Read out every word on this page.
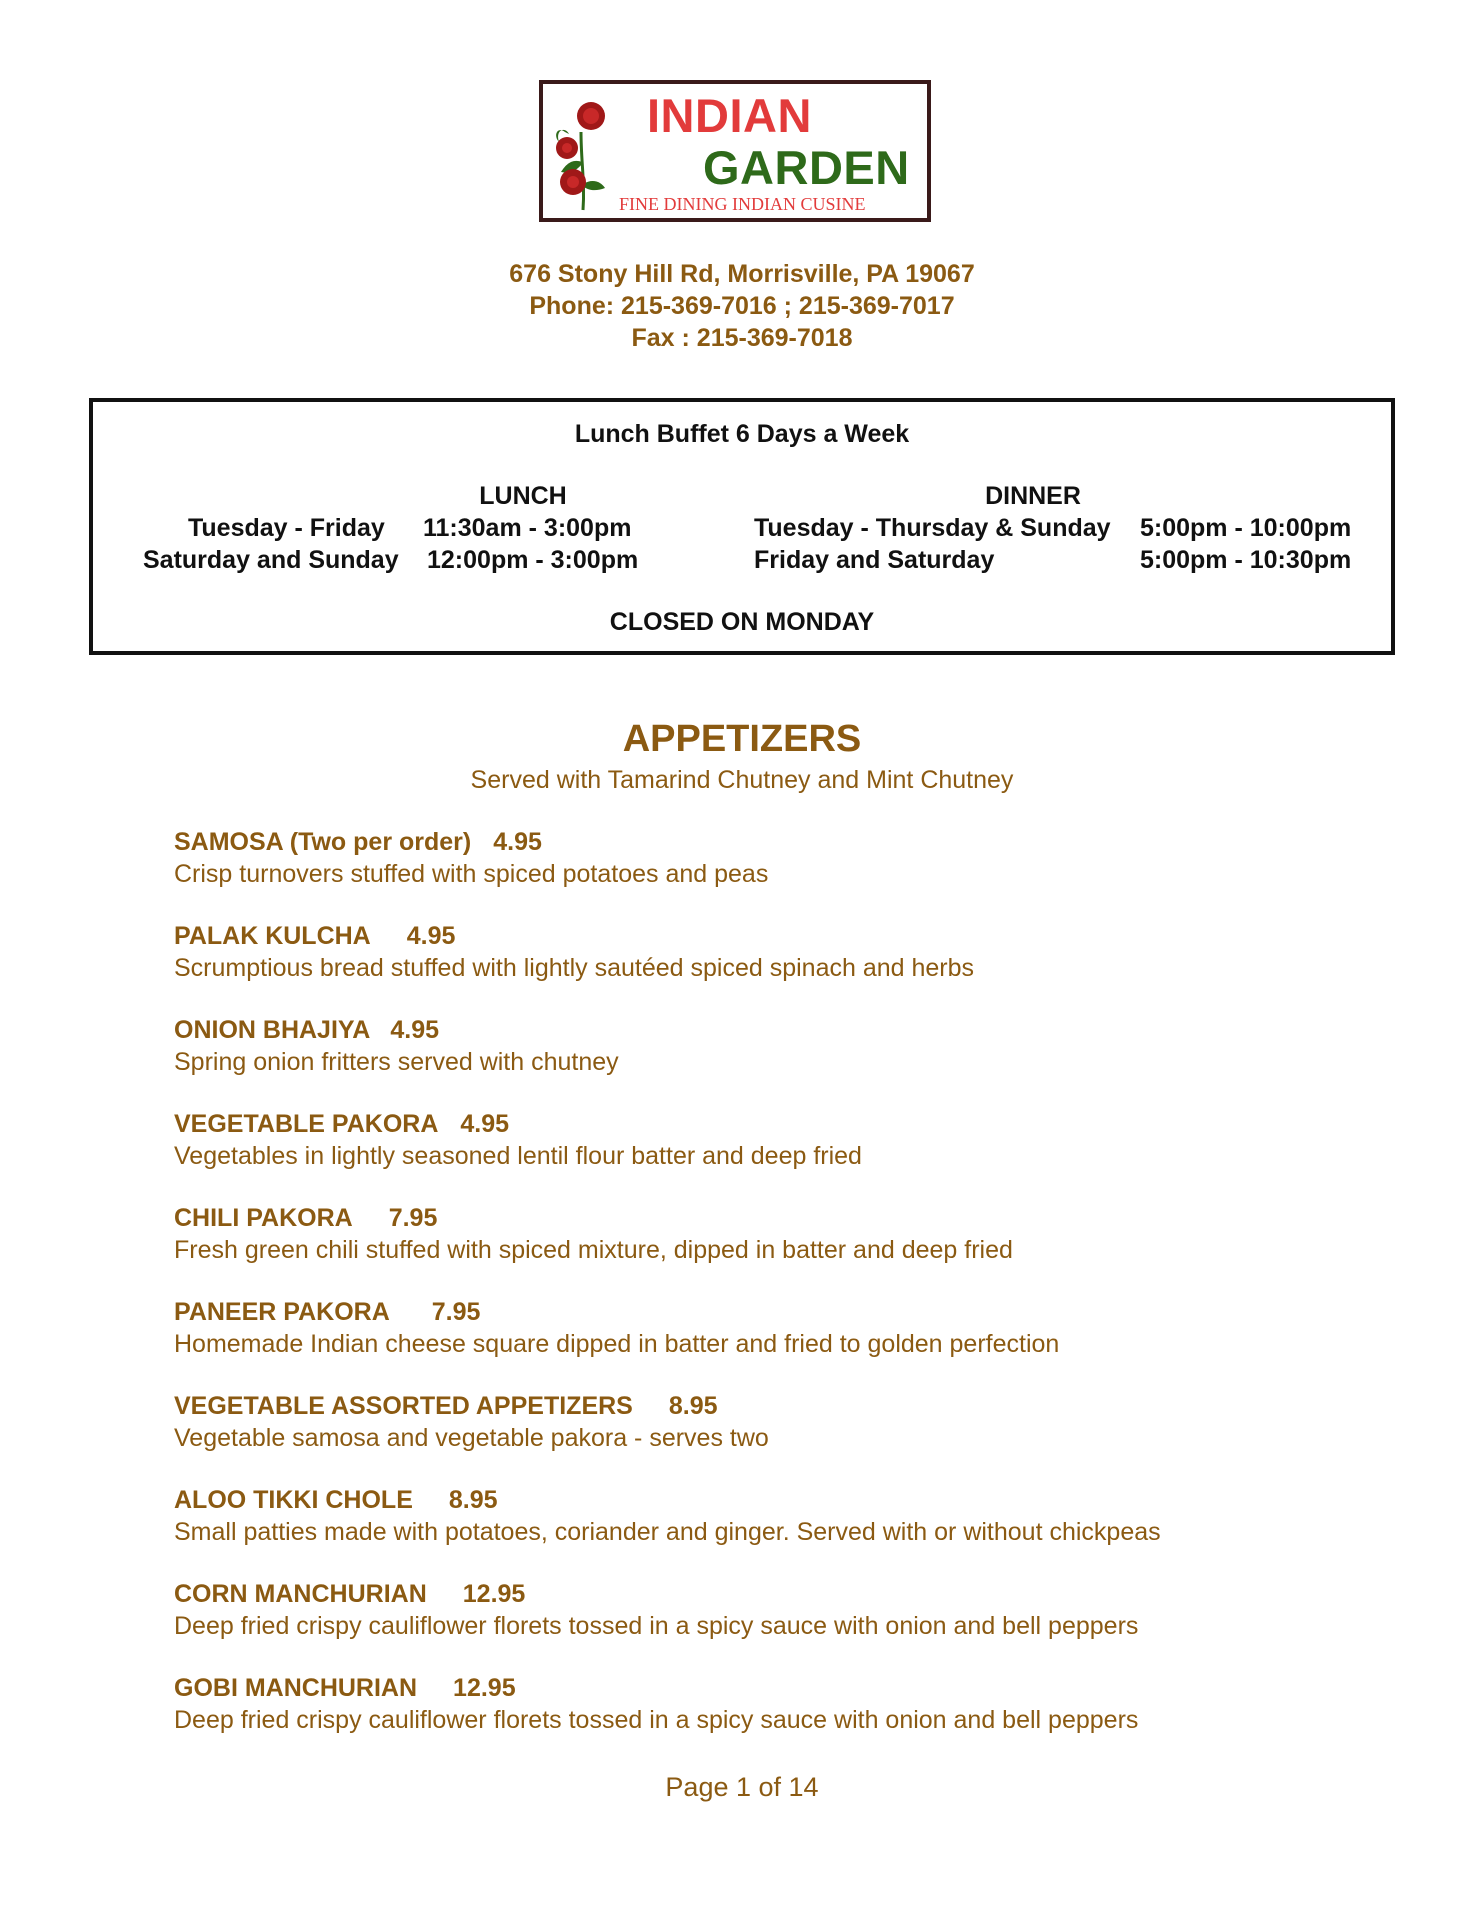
INDIAN
GARDEN
FINE DINING INDIAN CUSINE
676 Stony Hill Rd, Morrisville, PA 19067
Phone: 215-369-7016 ; 215-369-7017
Fax : 215-369-7018
Lunch Buffet 6 Days a Week
LUNCH	DINNER
Tuesday - Friday 11:30am - 3:00pm
Saturday and Sunday 12:00pm - 3:00pm
Tuesday - Thursday & Sunday 5:00pm - 10:00pm
Friday and Saturday	5:00pm - 10:30pm
CLOSED ON MONDAY
APPETIZERS
Served with Tamarind Chutney and Mint Chutney
SAMOSA (Two per order) 4.95
Crisp turnovers stuffed with spiced potatoes and peas
PALAK KULCHA 4.95
Scrumptious bread stuffed with lightly sautéed spiced spinach and herbs
ONION BHAJIYA 4.95
Spring onion fritters served with chutney
VEGETABLE PAKORA 4.95
Vegetables in lightly seasoned lentil flour batter and deep fried
CHILI PAKORA 7.95
Fresh green chili stuffed with spiced mixture, dipped in batter and deep fried
PANEER PAKORA 7.95
Homemade Indian cheese square dipped in batter and fried to golden perfection
VEGETABLE ASSORTED APPETIZERS 8.95
Vegetable samosa and vegetable pakora - serves two
ALOO TIKKI CHOLE 8.95
Small patties made with potatoes, coriander and ginger. Served with or without chickpeas
CORN MANCHURIAN 12.95
Deep fried crispy cauliflower florets tossed in a spicy sauce with onion and bell peppers
GOBI MANCHURIAN 12.95
Deep fried crispy cauliflower florets tossed in a spicy sauce with onion and bell peppers
Page 1 of 14
